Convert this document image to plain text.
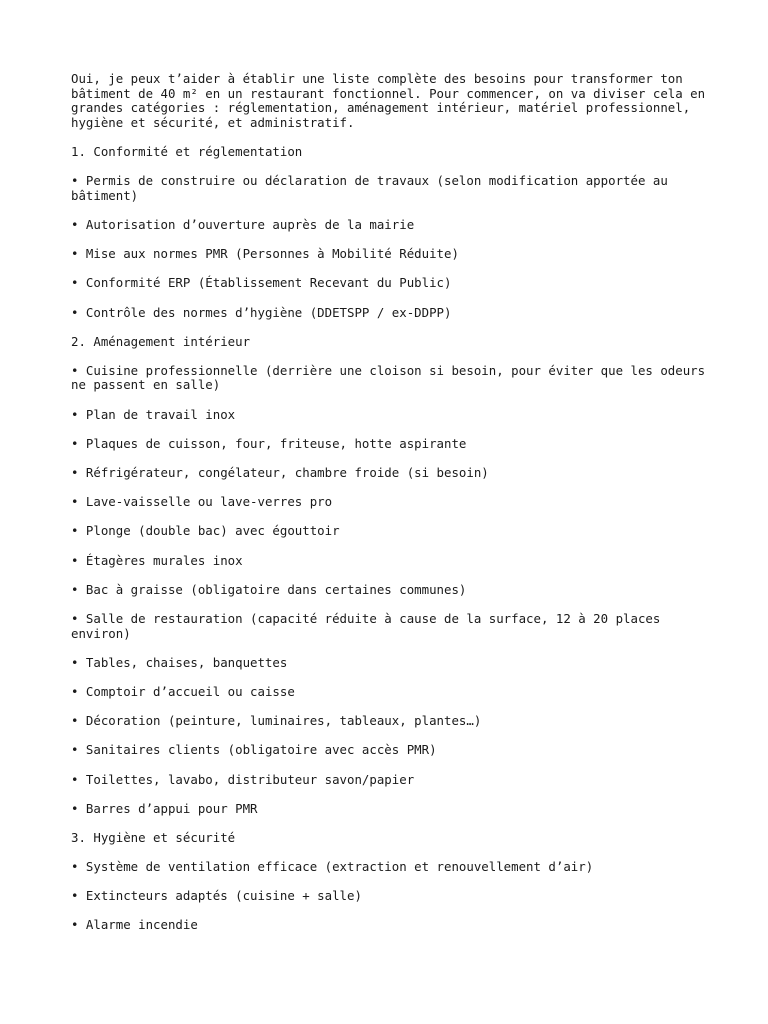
Oui, je peux t’aider à établir une liste complète des besoins pour transformer ton bâtiment de 40 m² en un restaurant fonctionnel. Pour commencer, on va diviser cela en grandes catégories : réglementation, aménagement intérieur, matériel professionnel, hygiène et sécurité, et administratif.

1. Conformité et réglementation

• Permis de construire ou déclaration de travaux (selon modification apportée au bâtiment)

• Autorisation d’ouverture auprès de la mairie

• Mise aux normes PMR (Personnes à Mobilité Réduite)

• Conformité ERP (Établissement Recevant du Public)

• Contrôle des normes d’hygiène (DDETSPP / ex-DDPP)

2. Aménagement intérieur

• Cuisine professionnelle (derrière une cloison si besoin, pour éviter que les odeurs ne passent en salle)

• Plan de travail inox

• Plaques de cuisson, four, friteuse, hotte aspirante

• Réfrigérateur, congélateur, chambre froide (si besoin)

• Lave-vaisselle ou lave-verres pro

• Plonge (double bac) avec égouttoir

• Étagères murales inox

• Bac à graisse (obligatoire dans certaines communes)

• Salle de restauration (capacité réduite à cause de la surface, 12 à 20 places environ)

• Tables, chaises, banquettes

• Comptoir d’accueil ou caisse

• Décoration (peinture, luminaires, tableaux, plantes…)

• Sanitaires clients (obligatoire avec accès PMR)

• Toilettes, lavabo, distributeur savon/papier

• Barres d’appui pour PMR

3. Hygiène et sécurité

• Système de ventilation efficace (extraction et renouvellement d’air)

• Extincteurs adaptés (cuisine + salle)

• Alarme incendie
